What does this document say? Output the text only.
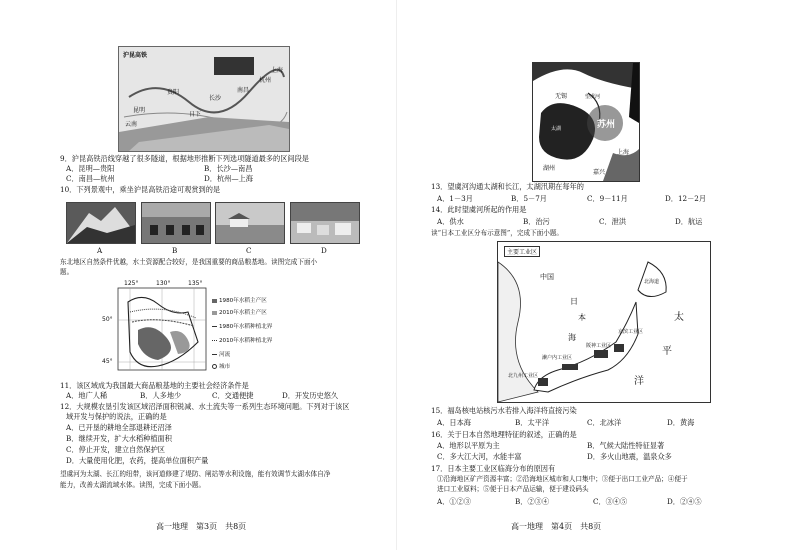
沪昆高铁
昆明
贵阳
长沙
南昌
杭州
上海
云南
日下
9．沪昆高铁沿线穿越了很多隧道，根据地形推断下列选项隧道最多的区间段是
A．昆明—贵阳	B．长沙—南昌
C．南昌—杭州	D．杭州—上海
10．下列景观中，乘坐沪昆高铁沿途可观赏到的是
A	B	C	D
东北地区自然条件优越，水土资源配合较好，是我国重要的商品粮基地。读图完成下面小
题。
125°	130°	135°
50°
45°
1980年水稻主产区
2010年水稻主产区
1980年水稻种植北界
2010年水稻种植北界
河流
城市
11．该区域成为我国最大商品粮基地的主要社会经济条件是
A．地广人稀	B．人多地少	C．交通便捷	D．开发历史悠久
12．大规模农垦引发该区域沼泽面积锐减、水土流失等一系列生态环境问题。下列对于该区
域开发与保护的说法，正确的是
A．已开垦的耕地全部退耕还沼泽
B．继续开发，扩大水稻种植面积
C．停止开发，建立自然保护区
D．大量使用化肥，农药，提高单位面积产量
望虞河为太湖、长江的纽带，该河道修建了堤防、闸站等水利设施，能有效调节太湖水体自净
能力，改善太湖流域水体。读图，完成下面小题。
高一地理　第3页　共8页
无锡
苏州
湖州
嘉兴
上海
望虞河
太湖
13．望虞河沟通太湖和长江，太湖汛期在每年的
A．1－3月	B．5－7月	C．9－11月	D．12－2月
14．此时望虞河所起的作用是
A．供水	B．治污	C．泄洪	D．航运
读“日本工业区分布示意图”，完成下面小题。
主要工业区
中国
日
本
海
太
平
洋
北海道
濑户内工业区
京滨工业区
阪神工业区
北九州工业区
15．福岛核电站核污水若排入海洋将直接污染
A．日本海	B．太平洋	C．北冰洋	D．黄海
16．关于日本自然地理特征的叙述，正确的是
A．地形以平原为主	B．气候大陆性特征显著
C．多大江大河，水能丰富	D．多火山地震，温泉众多
17．日本主要工业区临海分布的原因有
①沿海地区矿产资源丰富；②沿海地区城市和人口集中；③便于出口工业产品；④便于
进口工业原料；⑤便于日本产品运输，便于建设码头
A．①②③	B．②③④	C．③④⑤	D．②④⑤
高一地理　第4页　共8页
